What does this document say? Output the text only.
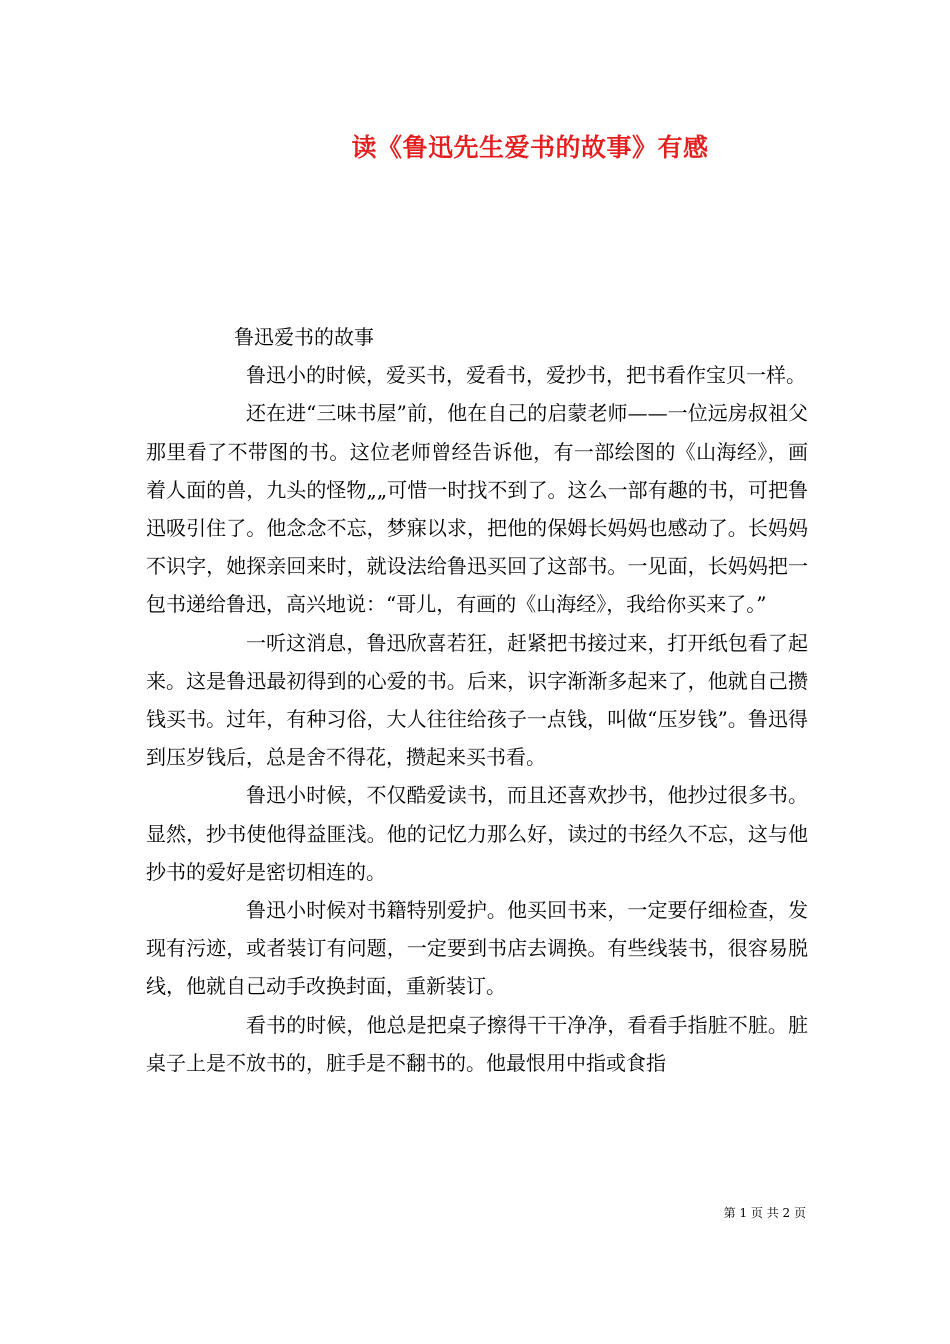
读《鲁迅先生爱书的故事》有感

鲁迅爱书的故事

鲁迅小的时候，爱买书，爱看书，爱抄书，把书看作宝贝一样。

还在进“三味书屋”前，他在自己的启蒙老师——一位远房叔祖父那里看了不带图的书。这位老师曾经告诉他，有一部绘图的《山海经》，画着人面的兽，九头的怪物„„可惜一时找不到了。这么一部有趣的书，可把鲁迅吸引住了。他念念不忘，梦寐以求，把他的保姆长妈妈也感动了。长妈妈不识字，她探亲回来时，就设法给鲁迅买回了这部书。一见面，长妈妈把一包书递给鲁迅，高兴地说：“哥儿，有画的《山海经》，我给你买来了。”

一听这消息，鲁迅欣喜若狂，赶紧把书接过来，打开纸包看了起来。这是鲁迅最初得到的心爱的书。后来，识字渐渐多起来了，他就自己攒钱买书。过年，有种习俗，大人往往给孩子一点钱，叫做“压岁钱”。鲁迅得到压岁钱后，总是舍不得花，攒起来买书看。

鲁迅小时候，不仅酷爱读书，而且还喜欢抄书，他抄过很多书。显然，抄书使他得益匪浅。他的记忆力那么好，读过的书经久不忘，这与他抄书的爱好是密切相连的。

鲁迅小时候对书籍特别爱护。他买回书来，一定要仔细检查，发现有污迹，或者装订有问题，一定要到书店去调换。有些线装书，很容易脱线，他就自己动手改换封面，重新装订。

看书的时候，他总是把桌子擦得干干净净，看看手指脏不脏。脏桌子上是不放书的，脏手是不翻书的。他最恨用中指或食指

第 1 页 共 2 页
